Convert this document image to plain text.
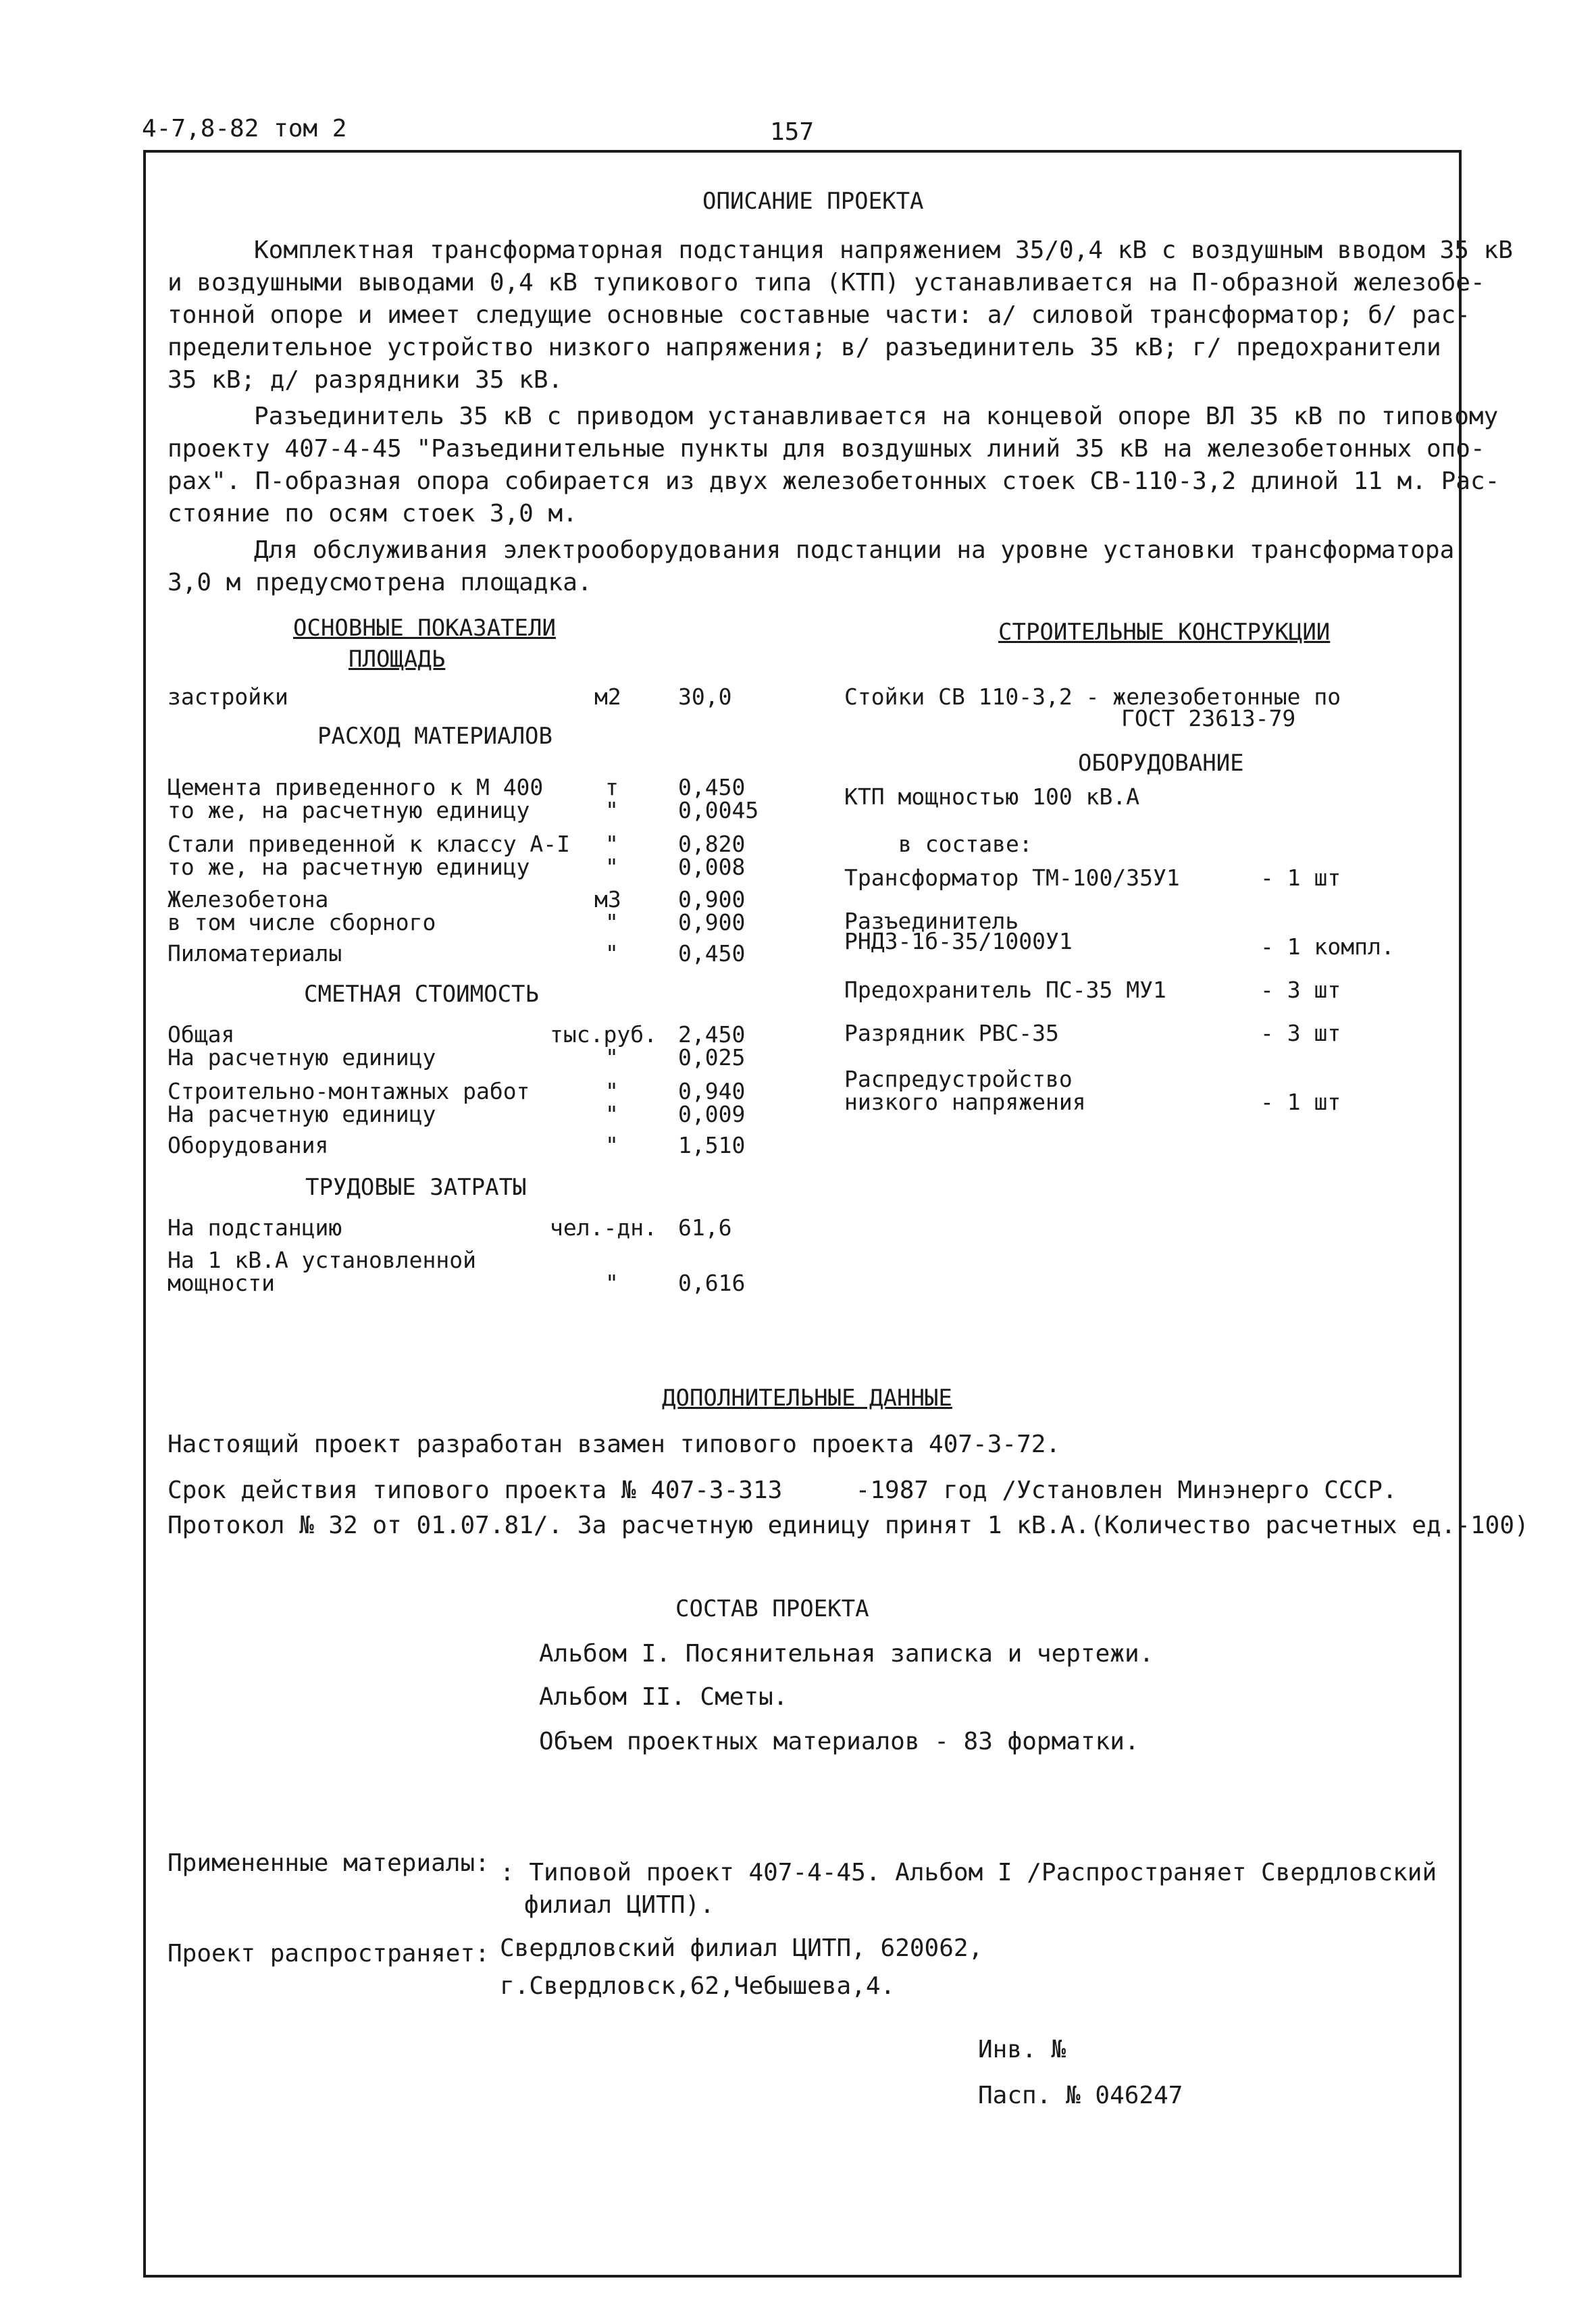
4-7,8-82 том 2	157
ОПИСАНИЕ ПРОЕКТА
Комплектная трансформаторная подстанция напряжением 35/0,4 кВ с воздушным вводом 35 кВ
и воздушными выводами 0,4 кВ тупикового типа (КТП) устанавливается на П-образной железобе-
тонной опоре и имеет следущие основные составные части: а/ силовой трансформатор; б/ рас-
пределительное устройство низкого напряжения; в/ разъединитель 35 кВ; г/ предохранители
35 кВ; д/ разрядники 35 кВ.
Разъединитель 35 кВ с приводом устанавливается на концевой опоре ВЛ 35 кВ по типовому
проекту 407-4-45 "Разъединительные пункты для воздушных линий 35 кВ на железобетонных опо-
рах". П-образная опора собирается из двух железобетонных стоек СВ-110-3,2 длиной 11 м. Рас-
стояние по осям стоек 3,0 м.
Для обслуживания электрооборудования подстанции на уровне установки трансформатора
3,0 м предусмотрена площадка.
ОСНОВНЫЕ ПОКАЗАТЕЛИ
ПЛОЩАДЬ
застройки	м2	30,0
РАСХОД МАТЕРИАЛОВ
Цемента приведенного к М 400	т	0,450
то же, на расчетную единицу	"	0,0045
Стали приведенной к классу А-I "	0,820
то же, на расчетную единицу	"	0,008
Железобетона	м3	0,900
в том числе сборного	"	0,900
Пиломатериалы	"	0,450
СМЕТНАЯ СТОИМОСТЬ
Общая	тыс.руб. 2,450
На расчетную единицу	"	0,025
Строительно-монтажных работ	"	0,940
На расчетную единицу	"	0,009
Оборудования	"	1,510
ТРУДОВЫЕ ЗАТРАТЫ
На подстанцию	чел.-дн. 61,6
На 1 кВ.А установленной
мощности	"	0,616
СТРОИТЕЛЬНЫЕ КОНСТРУКЦИИ
Стойки СВ 110-3,2 - железобетонные по
ГОСТ 23613-79
ОБОРУДОВАНИЕ
КТП мощностью 100 кВ.А
в составе:
Трансформатор ТМ-100/35У1	- 1 шт
Разъединитель
РНДЗ-1б-35/1000У1	- 1 компл.
Предохранитель ПС-35 МУ1	- 3 шт
Разрядник РВС-35	- 3 шт
Распредустройство
низкого напряжения	- 1 шт
ДОПОЛНИТЕЛЬНЫЕ ДАННЫЕ
Настоящий проект разработан взамен типового проекта 407-3-72.
Срок действия типового проекта № 407-3-313     -1987 год /Установлен Минэнерго СССР.
Протокол № 32 от 01.07.81/. За расчетную единицу принят 1 кВ.А.(Количество расчетных ед.-100)
СОСТАВ ПРОЕКТА
Альбом I. Посянительная записка и чертежи.
Альбом II. Сметы.
Объем проектных материалов - 83 форматки.
Примененные материалы: : Типовой проект 407-4-45. Альбом I /Распространяет Свердловский
филиал ЦИТП).
Проект распространяет: Свердловский филиал ЦИТП, 620062,
г.Свердловск,62,Чебышева,4.
Инв. №
Пасп. № 046247
